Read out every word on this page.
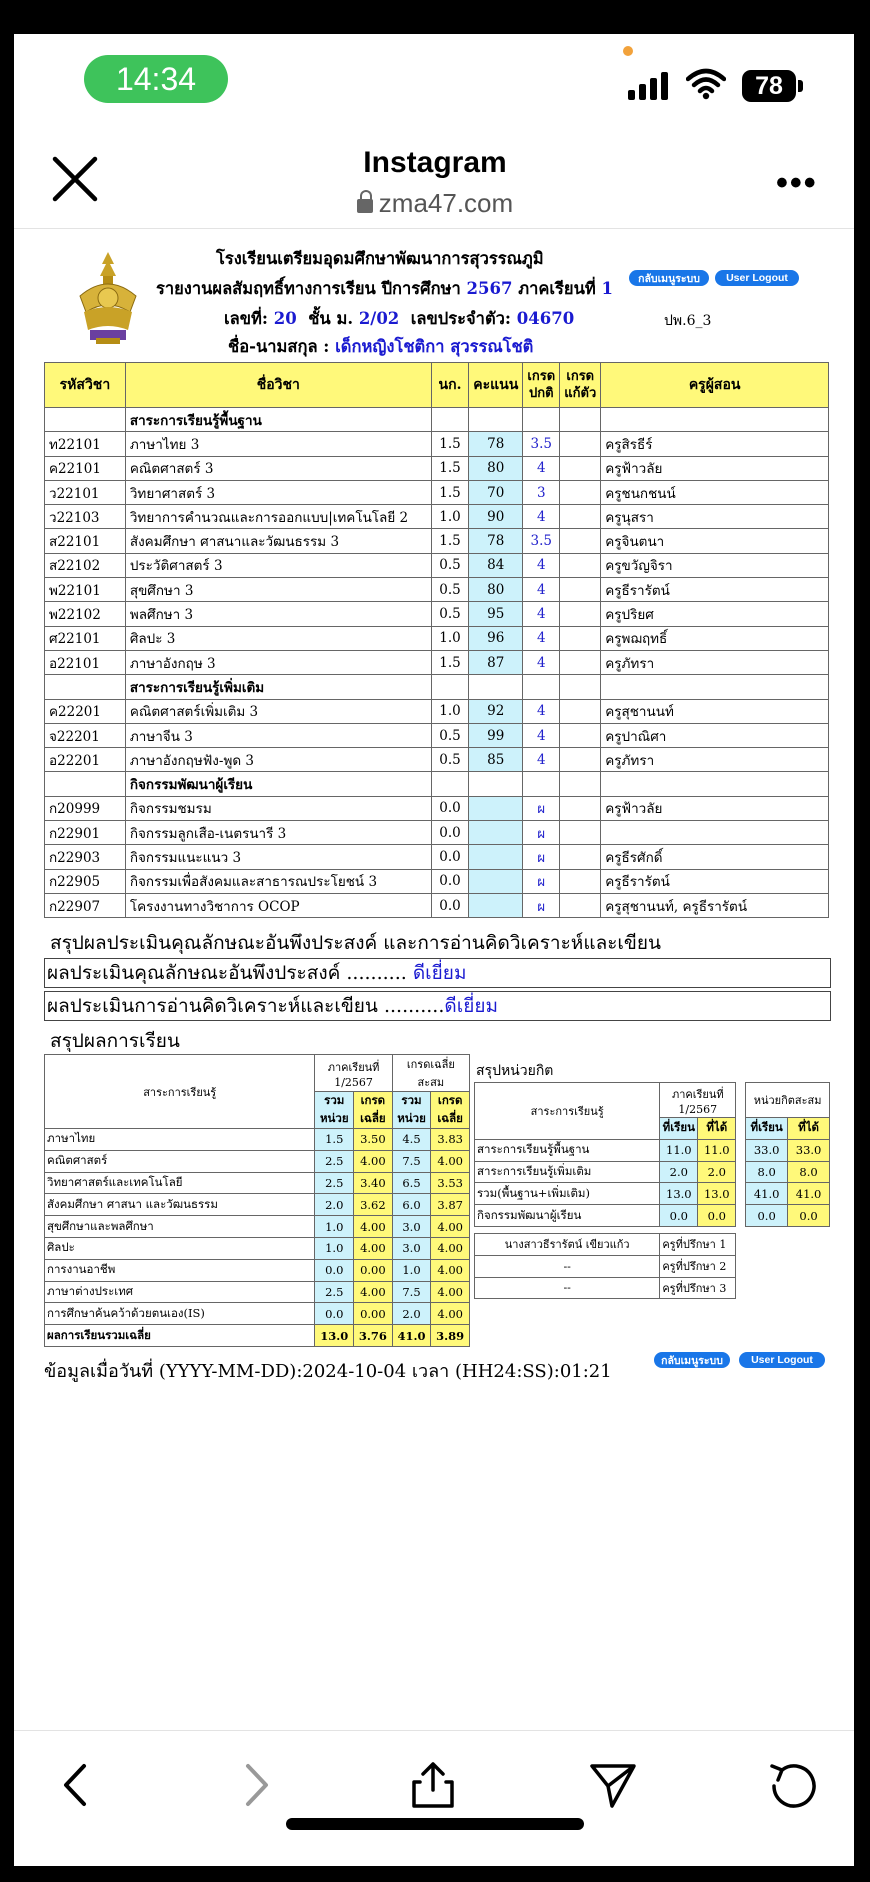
14:34	78
Instagram
zma47.com
•••
โรงเรียนเตรียมอุดมศึกษาพัฒนาการสุวรรณภูมิ
รายงานผลสัมฤทธิ์ทางการเรียน ปีการศึกษา 2567 ภาคเรียนที่ 1
กลับเมนูระบบ	User Logout
เลขที่: 20 ชั้น ม. 2/02 เลขประจำตัว: 04670	ปพ.6_3
ชื่อ-นามสกุล : เด็กหญิงโชติกา สุวรรณโชติ
รหัสวิชา	ชื่อวิชา	นก.	คะแนน	เกรด ปกติ	เกรด แก้ตัว	ครูผู้สอน
	สาระการเรียนรู้พื้นฐาน					
ท22101	ภาษาไทย 3	1.5	78	3.5		ครูสิรธีร์
ค22101	คณิตศาสตร์ 3	1.5	80	4		ครูฟ้าวลัย
ว22101	วิทยาศาสตร์ 3	1.5	70	3		ครูชนกชนน์
ว22103	วิทยาการคำนวณและการออกแบบ|เทคโนโลยี 2	1.0	90	4		ครูนุสรา
ส22101	สังคมศึกษา ศาสนาและวัฒนธรรม 3	1.5	78	3.5		ครูจินตนา
ส22102	ประวัติศาสตร์ 3	0.5	84	4		ครูขวัญจิรา
พ22101	สุขศึกษา 3	0.5	80	4		ครูธีรารัตน์
พ22102	พลศึกษา 3	0.5	95	4		ครูปริยศ
ศ22101	ศิลปะ 3	1.0	96	4		ครูพฌฤทธิ์
อ22101	ภาษาอังกฤษ 3	1.5	87	4		ครูภัทรา
	สาระการเรียนรู้เพิ่มเติม					
ค22201	คณิตศาสตร์เพิ่มเติม 3	1.0	92	4		ครูสุชานนท์
จ22201	ภาษาจีน 3	0.5	99	4		ครูปาณิศา
อ22201	ภาษาอังกฤษฟัง-พูด 3	0.5	85	4		ครูภัทรา
	กิจกรรมพัฒนาผู้เรียน					
ก20999	กิจกรรมชมรม	0.0		ผ		ครูฟ้าวลัย
ก22901	กิจกรรมลูกเสือ-เนตรนารี 3	0.0		ผ		
ก22903	กิจกรรมแนะแนว 3	0.0		ผ		ครูธีรศักดิ์
ก22905	กิจกรรมเพื่อสังคมและสาธารณประโยชน์ 3	0.0		ผ		ครูธีรารัตน์
ก22907	โครงงานทางวิชาการ OCOP	0.0		ผ		ครูสุชานนท์, ครูธีรารัตน์
สรุปผลประเมินคุณลักษณะอันพึงประสงค์ และการอ่านคิดวิเคราะห์และเขียน
ผลประเมินคุณลักษณะอันพึงประสงค์ .......... ดีเยี่ยม
ผลประเมินการอ่านคิดวิเคราะห์และเขียน ..........ดีเยี่ยม
สรุปผลการเรียน
สาระการเรียนรู้	ภาคเรียนที่ 1/2567		เกรดเฉลี่ย สะสม	
	รวม หน่วย	เกรด เฉลี่ย	รวม หน่วย	เกรด เฉลี่ย
ภาษาไทย	1.5	3.50	4.5	3.83
คณิตศาสตร์	2.5	4.00	7.5	4.00
วิทยาศาสตร์และเทคโนโลยี	2.5	3.40	6.5	3.53
สังคมศึกษา ศาสนา และวัฒนธรรม	2.0	3.62	6.0	3.87
สุขศึกษาและพลศึกษา	1.0	4.00	3.0	4.00
ศิลปะ	1.0	4.00	3.0	4.00
การงานอาชีพ	0.0	0.00	1.0	4.00
ภาษาต่างประเทศ	2.5	4.00	7.5	4.00
การศึกษาค้นคว้าด้วยตนเอง(IS)	0.0	0.00	2.0	4.00
ผลการเรียนรวมเฉลี่ย	13.0	3.76	41.0	3.89
สรุปหน่วยกิต
สาระการเรียนรู้	ภาคเรียนที่ 1/2567			หน่วยกิตสะสม	
	ที่เรียน	ที่ได้		ที่เรียน	ที่ได้
สาระการเรียนรู้พื้นฐาน	11.0	11.0		33.0	33.0
สาระการเรียนรู้เพิ่มเติม	2.0	2.0		8.0	8.0
รวม(พื้นฐาน+เพิ่มเติม)	13.0	13.0		41.0	41.0
กิจกรรมพัฒนาผู้เรียน	0.0	0.0		0.0	0.0

นางสาวธีรารัตน์ เขียวแก้ว	ครูที่ปรึกษา 1				
--	ครูที่ปรึกษา 2				
--	ครูที่ปรึกษา 3				
ข้อมูลเมื่อวันที่ (YYYY-MM-DD):2024-10-04 เวลา (HH24:SS):01:21
กลับเมนูระบบ	User Logout
